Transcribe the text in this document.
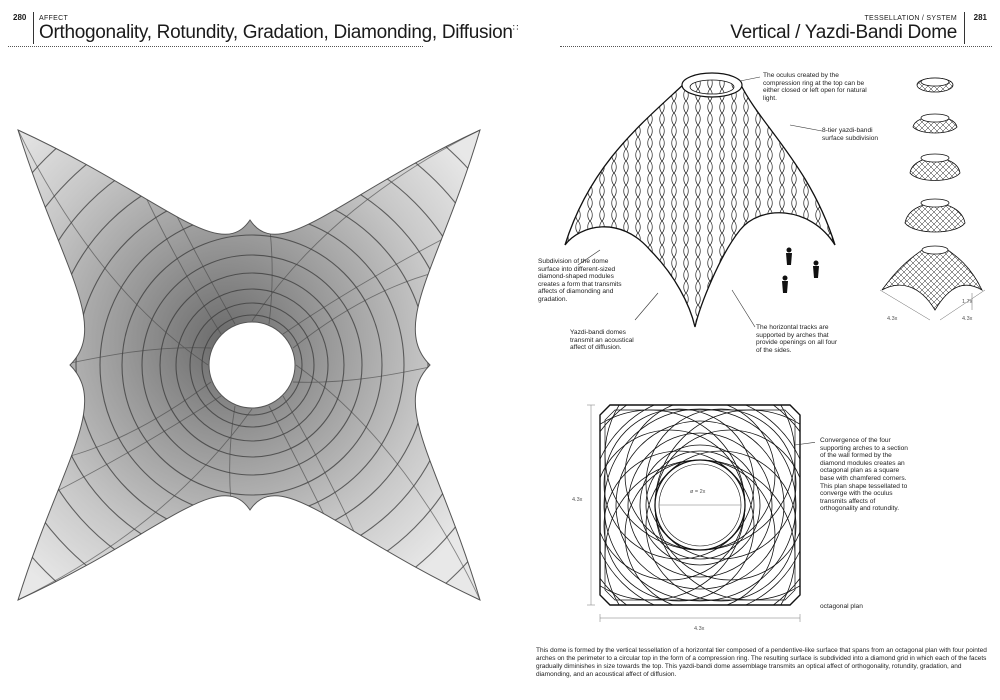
280 AFFECT
Orthogonality, Rotundity, Gradation, Diamonding, Diffusion∷
TESSELLATION / SYSTEM
Vertical / Yazdi-Bandi Dome
281
The oculus created by the compression ring at the top can be either closed or left open for natural light.
8-tier yazdi-bandi surface subdivision
Subdivision of the dome surface into different-sized diamond-shaped modules creates a form that transmits affects of diamonding and gradation.
Yazdi-bandi domes transmit an acoustical affect of diffusion.
The horizontal tracks are supported by arches that provide openings on all four of the sides.
1.7x
4.3x	4.3x
4.3x
4.3x
ø = 2x
Convergence of the four supporting arches to a section of the wall formed by the diamond modules creates an octagonal plan as a square base with chamfered corners. This plan shape tessellated to converge with the oculus transmits affects of orthogonality and rotundity.
octagonal plan
This dome is formed by the vertical tessellation of a horizontal tier composed of a pendentive-like surface that spans from an octagonal plan with four pointed arches on the perimeter to a circular top in the form of a compression ring. The resulting surface is subdivided into a diamond grid in which each of the facets gradually diminishes in size towards the top. This yazdi-bandi dome assemblage transmits an optical affect of orthogonality, rotundity, gradation, and diamonding, and an acoustical affect of diffusion.
